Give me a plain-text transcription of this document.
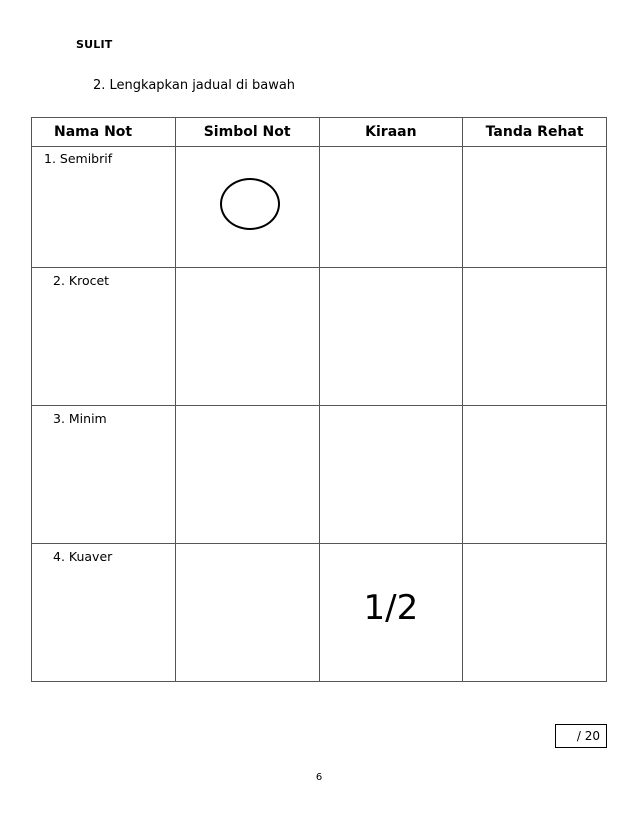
SULIT
2. Lengkapkan jadual di bawah
Nama Not	Simbol Not	Kiraan	Tanda Rehat

1. Semibrif			

2. Krocet			

3. Minim			

4. Kuaver		1/2	

/ 20
6
